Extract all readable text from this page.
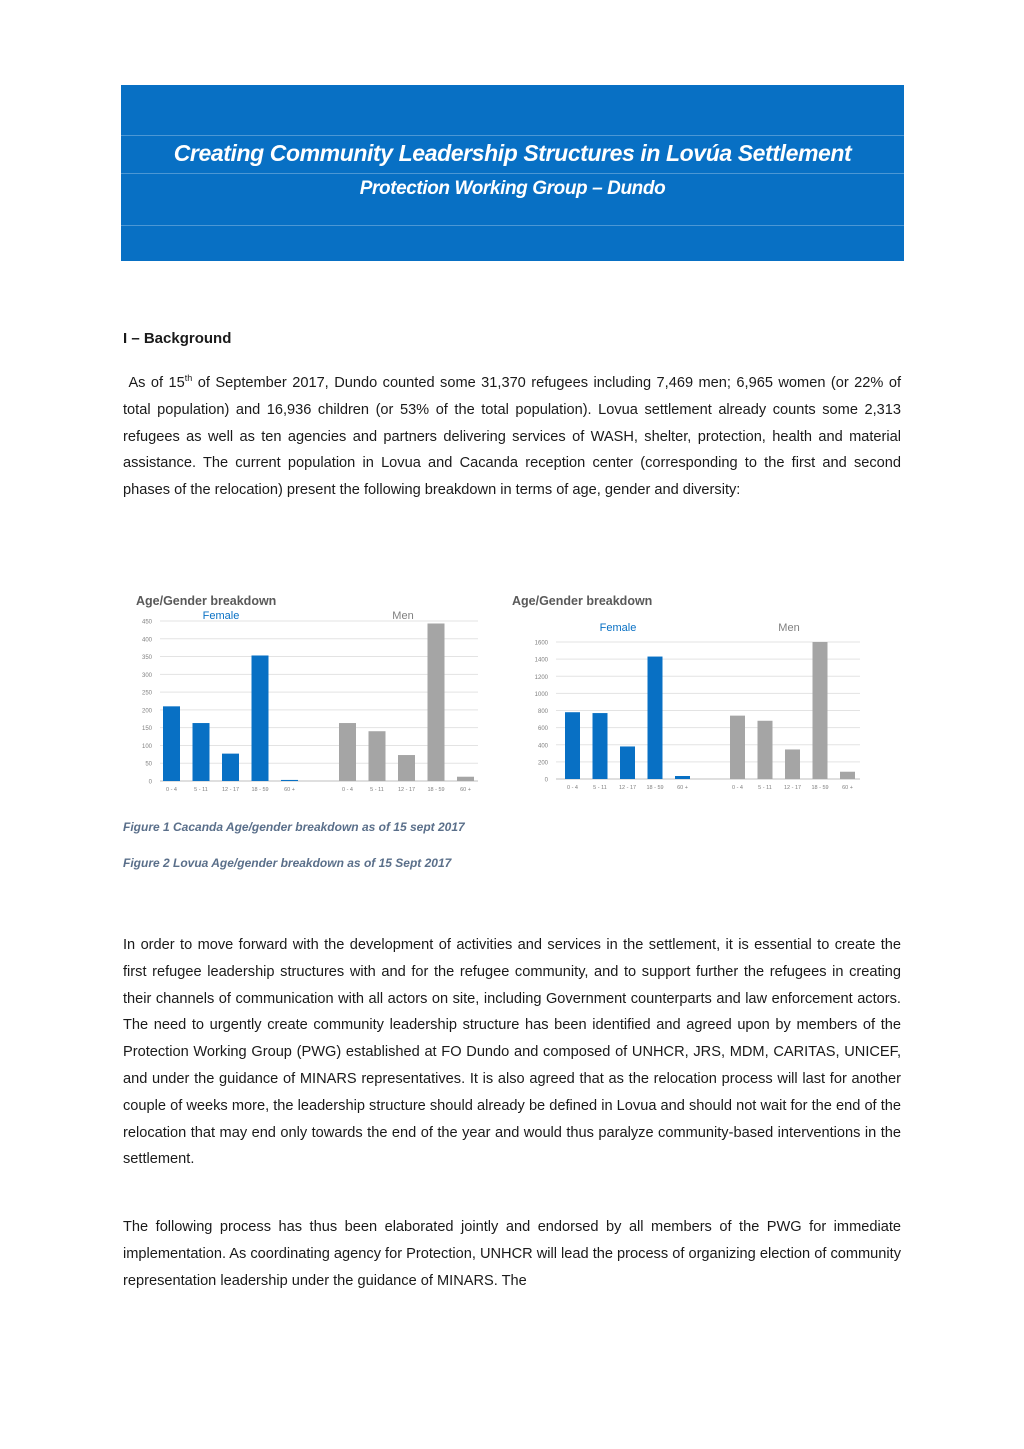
Creating Community Leadership Structures in Lovúa Settlement
Protection Working Group – Dundo
I – Background

As of 15th of September 2017, Dundo counted some 31,370 refugees including 7,469 men; 6,965 women (or 22% of total population) and 16,936 children (or 53% of the total population). Lovua settlement already counts some 2,313 refugees as well as ten agencies and partners delivering services of WASH, shelter, protection, health and material assistance. The current population in Lovua and Cacanda reception center (corresponding to the first and second phases of the relocation) present the following breakdown in terms of age, gender and diversity:

Age/Gender breakdown
0
50
100
150
200
250
300
350
400
450
Female	Men
0 - 4	5 - 11	12 - 17 18 - 59	60 +	0 - 4	5 - 11	12 - 17 18 - 59	60 +
Age/Gender breakdown
0
200
400
600
800
1000
1200
1400
1600
Female	Men
0 - 4	5 - 11 12 - 17 18 - 59 60 +	0 - 4	5 - 11 12 - 17 18 - 59 60 +
Figure 1 Cacanda Age/gender breakdown as of 15 sept 2017
Figure 2 Lovua Age/gender breakdown as of 15 Sept 2017

In order to move forward with the development of activities and services in the settlement, it is essential to create the first refugee leadership structures with and for the refugee community, and to support further the refugees in creating their channels of communication with all actors on site, including Government counterparts and law enforcement actors. The need to urgently create community leadership structure has been identified and agreed upon by members of the Protection Working Group (PWG) established at FO Dundo and composed of UNHCR, JRS, MDM, CARITAS, UNICEF, and under the guidance of MINARS representatives. It is also agreed that as the relocation process will last for another couple of weeks more, the leadership structure should already be defined in Lovua and should not wait for the end of the relocation that may end only towards the end of the year and would thus paralyze community-based interventions in the settlement.

The following process has thus been elaborated jointly and endorsed by all members of the PWG for immediate implementation. As coordinating agency for Protection, UNHCR will lead the process of organizing election of community representation leadership under the guidance of MINARS. The
